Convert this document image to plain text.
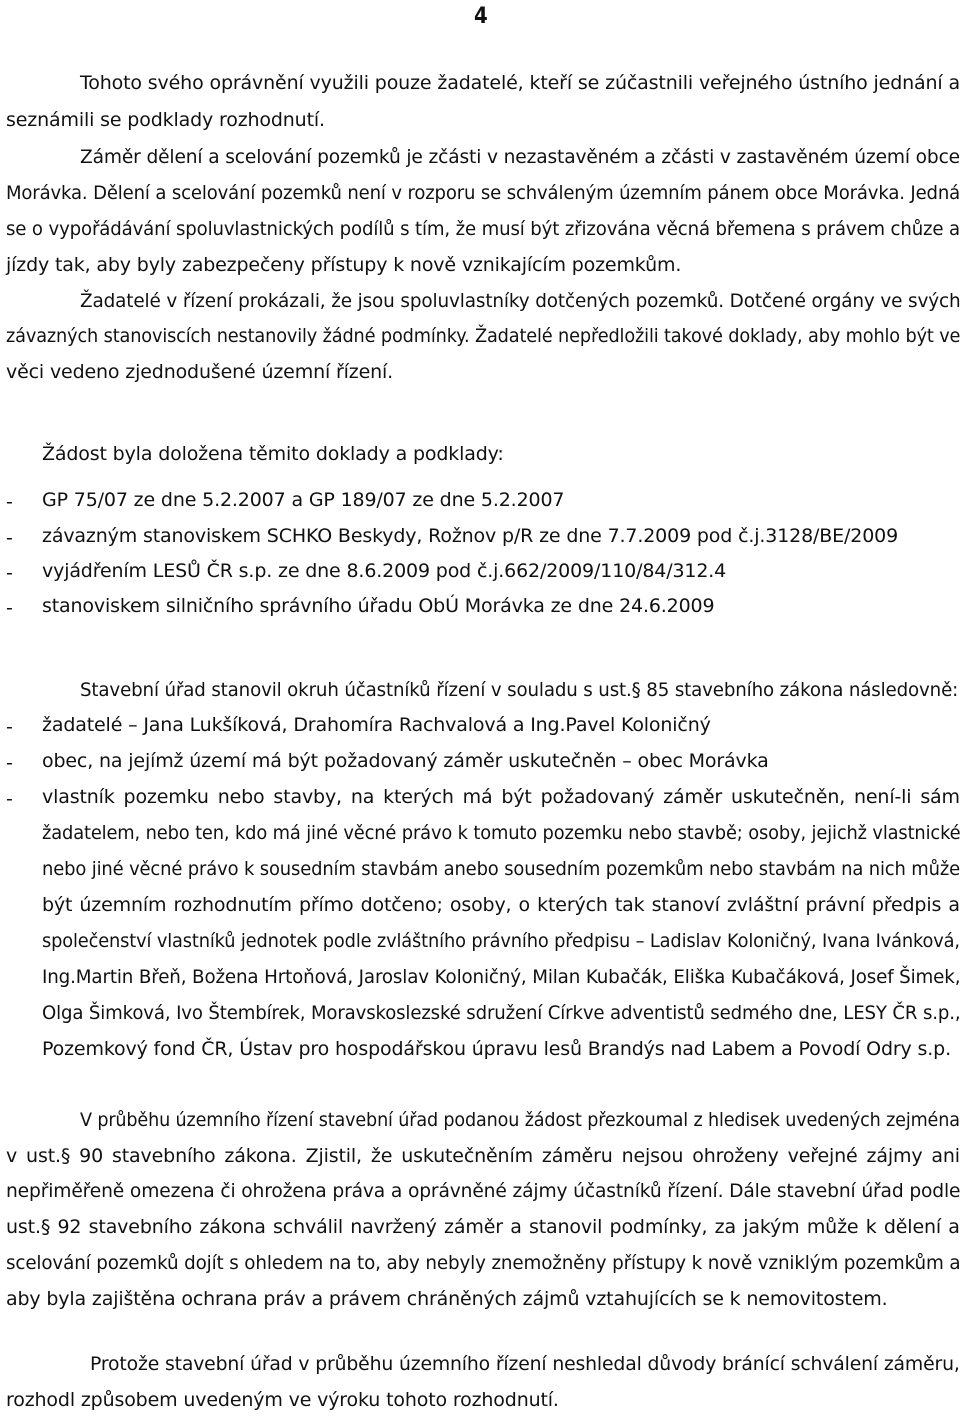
4
Tohoto svého oprávnění využili pouze žadatelé, kteří se zúčastnili veřejného ústního jednání a
seznámili se podklady rozhodnutí.
Záměr dělení a scelování pozemků je zčásti v nezastavěném a zčásti v zastavěném území obce
Morávka. Dělení a scelování pozemků není v rozporu se schváleným územním pánem obce Morávka. Jedná
se o vypořádávání spoluvlastnických podílů s tím, že musí být zřizována věcná břemena s právem chůze a
jízdy tak, aby byly zabezpečeny přístupy k nově vznikajícím pozemkům.
Žadatelé v řízení prokázali, že jsou spoluvlastníky dotčených pozemků. Dotčené orgány ve svých
závazných stanoviscích nestanovily žádné podmínky. Žadatelé nepředložili takové doklady, aby mohlo být ve
věci vedeno zjednodušené územní řízení.
Žádost byla doložena těmito doklady a podklady:
- GP 75/07 ze dne 5.2.2007 a GP 189/07 ze dne 5.2.2007
- závazným stanoviskem SCHKO Beskydy, Rožnov p/R ze dne 7.7.2009 pod č.j.3128/BE/2009
- vyjádřením LESŮ ČR s.p. ze dne 8.6.2009 pod č.j.662/2009/110/84/312.4
- stanoviskem silničního správního úřadu ObÚ Morávka ze dne 24.6.2009
Stavební úřad stanovil okruh účastníků řízení v souladu s ust.§ 85 stavebního zákona následovně:
- žadatelé – Jana Lukšíková, Drahomíra Rachvalová a Ing.Pavel Koloničný
- obec, na jejímž území má být požadovaný záměr uskutečněn – obec Morávka
- vlastník pozemku nebo stavby, na kterých má být požadovaný záměr uskutečněn, není-li sám
žadatelem, nebo ten, kdo má jiné věcné právo k tomuto pozemku nebo stavbě; osoby, jejichž vlastnické
nebo jiné věcné právo k sousedním stavbám anebo sousedním pozemkům nebo stavbám na nich může
být územním rozhodnutím přímo dotčeno; osoby, o kterých tak stanoví zvláštní právní předpis a
společenství vlastníků jednotek podle zvláštního právního předpisu – Ladislav Koloničný, Ivana Ivánková,
Ing.Martin Břeň, Božena Hrtoňová, Jaroslav Koloničný, Milan Kubačák, Eliška Kubačáková, Josef Šimek,
Olga Šimková, Ivo Štembírek, Moravskoslezské sdružení Církve adventistů sedmého dne, LESY ČR s.p.,
Pozemkový fond ČR, Ústav pro hospodářskou úpravu lesů Brandýs nad Labem a Povodí Odry s.p.
V průběhu územního řízení stavební úřad podanou žádost přezkoumal z hledisek uvedených zejména
v ust.§ 90 stavebního zákona. Zjistil, že uskutečněním záměru nejsou ohroženy veřejné zájmy ani
nepřiměřeně omezena či ohrožena práva a oprávněné zájmy účastníků řízení. Dále stavební úřad podle
ust.§ 92 stavebního zákona schválil navržený záměr a stanovil podmínky, za jakým může k dělení a
scelování pozemků dojít s ohledem na to, aby nebyly znemožněny přístupy k nově vzniklým pozemkům a
aby byla zajištěna ochrana práv a právem chráněných zájmů vztahujících se k nemovitostem.
Protože stavební úřad v průběhu územního řízení neshledal důvody bránící schválení záměru,
rozhodl způsobem uvedeným ve výroku tohoto rozhodnutí.
